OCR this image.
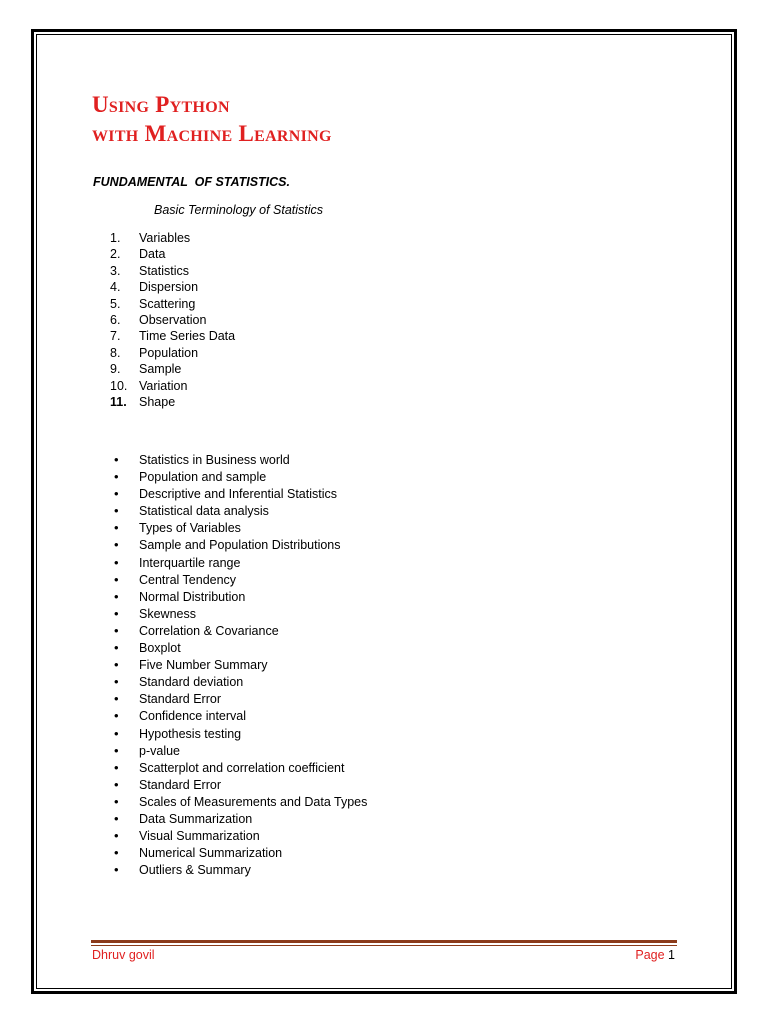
Using Python
with Machine Learning
FUNDAMENTAL  OF STATISTICS.
Basic Terminology of Statistics
1. Variables
2. Data
3. Statistics
4. Dispersion
5. Scattering
6. Observation
7. Time Series Data
8. Population
9. Sample
10. Variation
11. Shape
• Statistics in Business world
• Population and sample
• Descriptive and Inferential Statistics
• Statistical data analysis
• Types of Variables
• Sample and Population Distributions
• Interquartile range
• Central Tendency
• Normal Distribution
• Skewness
• Correlation & Covariance
• Boxplot
• Five Number Summary
• Standard deviation
• Standard Error
• Confidence interval
• Hypothesis testing
• p-value
• Scatterplot and correlation coefficient
• Standard Error
• Scales of Measurements and Data Types
• Data Summarization
• Visual Summarization
• Numerical Summarization
• Outliers & Summary
Dhruv govil	Page 1
